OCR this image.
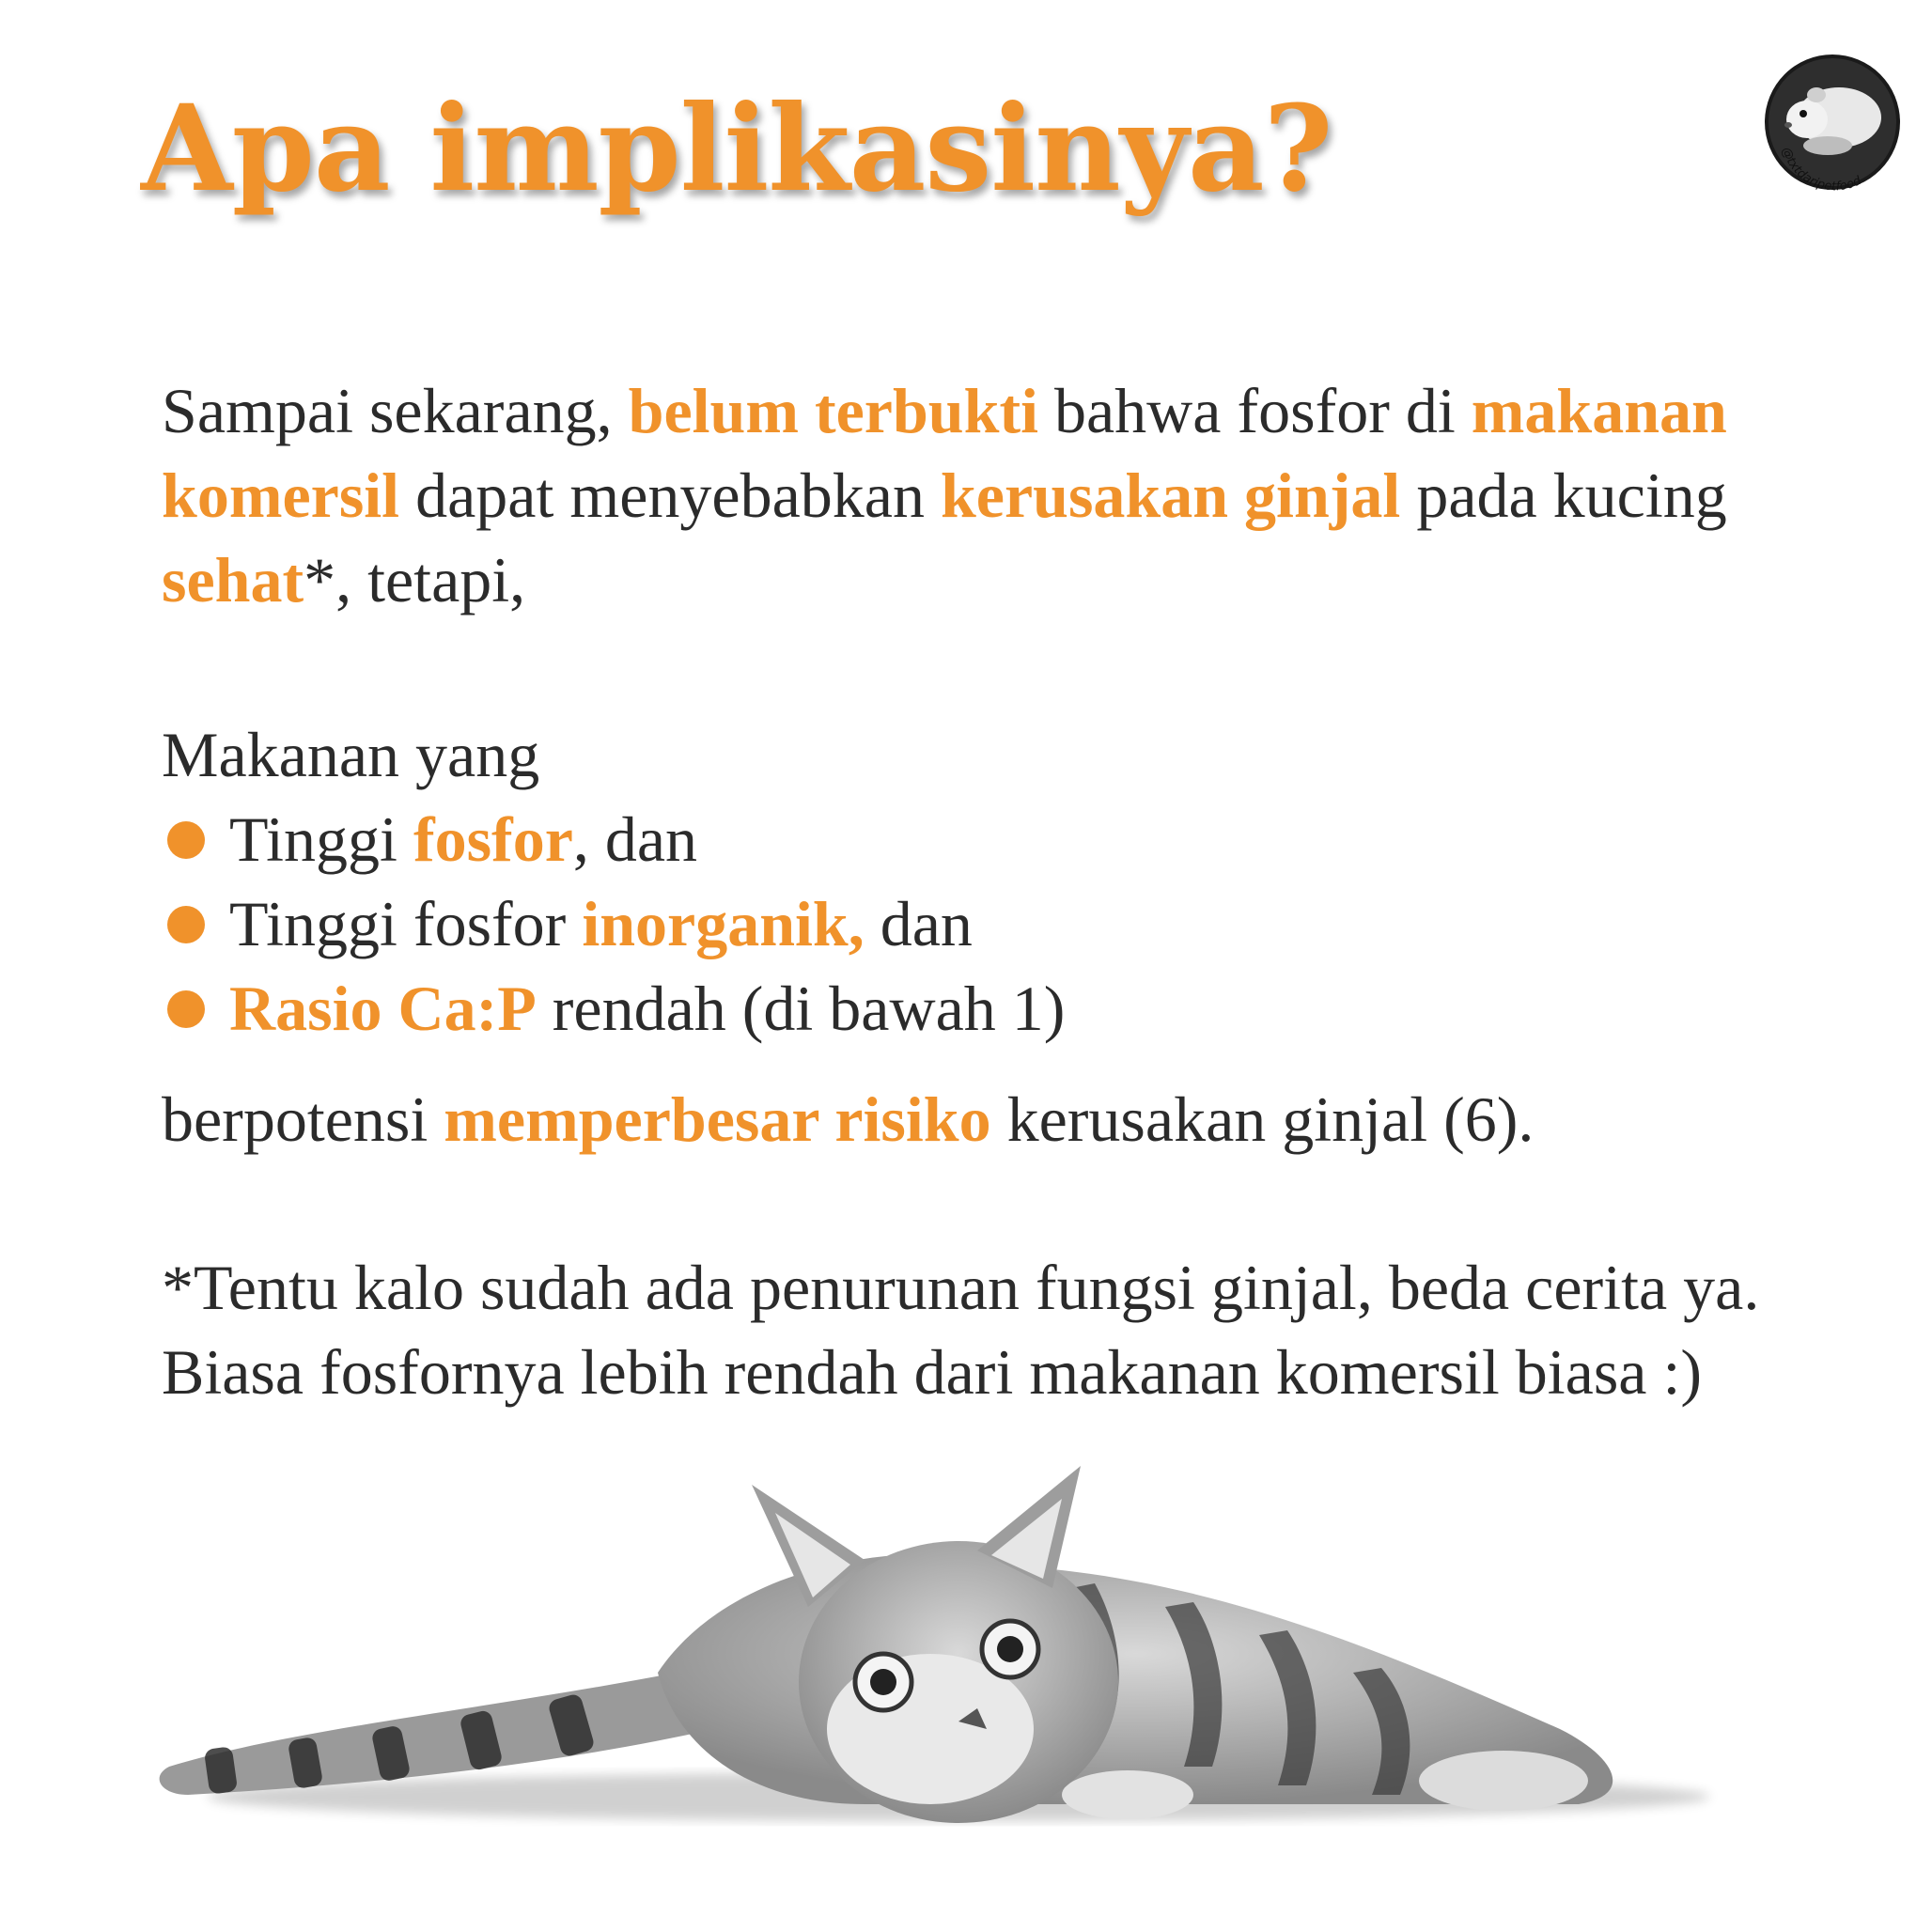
Apa implikasinya?	@txtdaripetfood
Sampai sekarang, belum terbukti bahwa fosfor di makanan komersil dapat menyebabkan kerusakan ginjal pada kucing sehat*, tetapi,
Makanan yang
Tinggi fosfor, dan
Tinggi fosfor inorganik, dan
Rasio Ca:P rendah (di bawah 1)
berpotensi memperbesar risiko kerusakan ginjal (6).
*Tentu kalo sudah ada penurunan fungsi ginjal, beda cerita ya. Biasa fosfornya lebih rendah dari makanan komersil biasa :)
